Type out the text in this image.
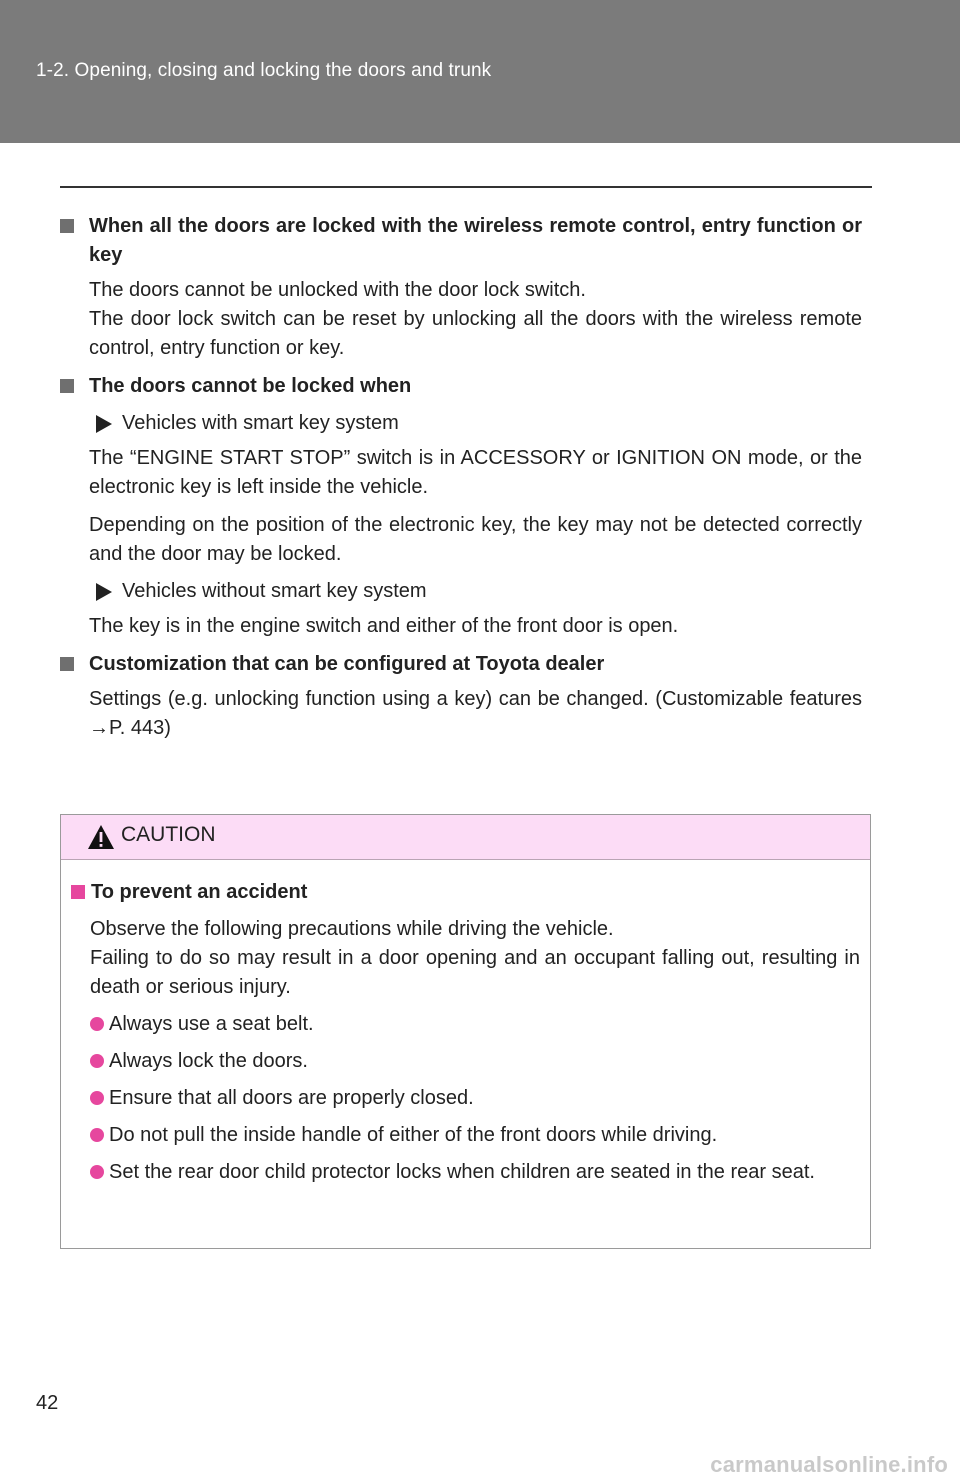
1-2. Opening, closing and locking the doors and trunk
When all the doors are locked with the wireless remote control, entry function or key
The doors cannot be unlocked with the door lock switch.
The door lock switch can be reset by unlocking all the doors with the wireless remote control, entry function or key.
The doors cannot be locked when
Vehicles with smart key system
The “ENGINE START STOP” switch is in ACCESSORY or IGNITION ON mode, or the electronic key is left inside the vehicle.
Depending on the position of the electronic key, the key may not be detected correctly and the door may be locked.
Vehicles without smart key system
The key is in the engine switch and either of the front door is open.
Customization that can be configured at Toyota dealer
Settings (e.g. unlocking function using a key) can be changed. (Customizable features →P. 443)
CAUTION
To prevent an accident
Observe the following precautions while driving the vehicle.
Failing to do so may result in a door opening and an occupant falling out, resulting in death or serious injury.
Always use a seat belt.
Always lock the doors.
Ensure that all doors are properly closed.
Do not pull the inside handle of either of the front doors while driving.
Set the rear door child protector locks when children are seated in the rear seat.
42
carmanualsonline.info
